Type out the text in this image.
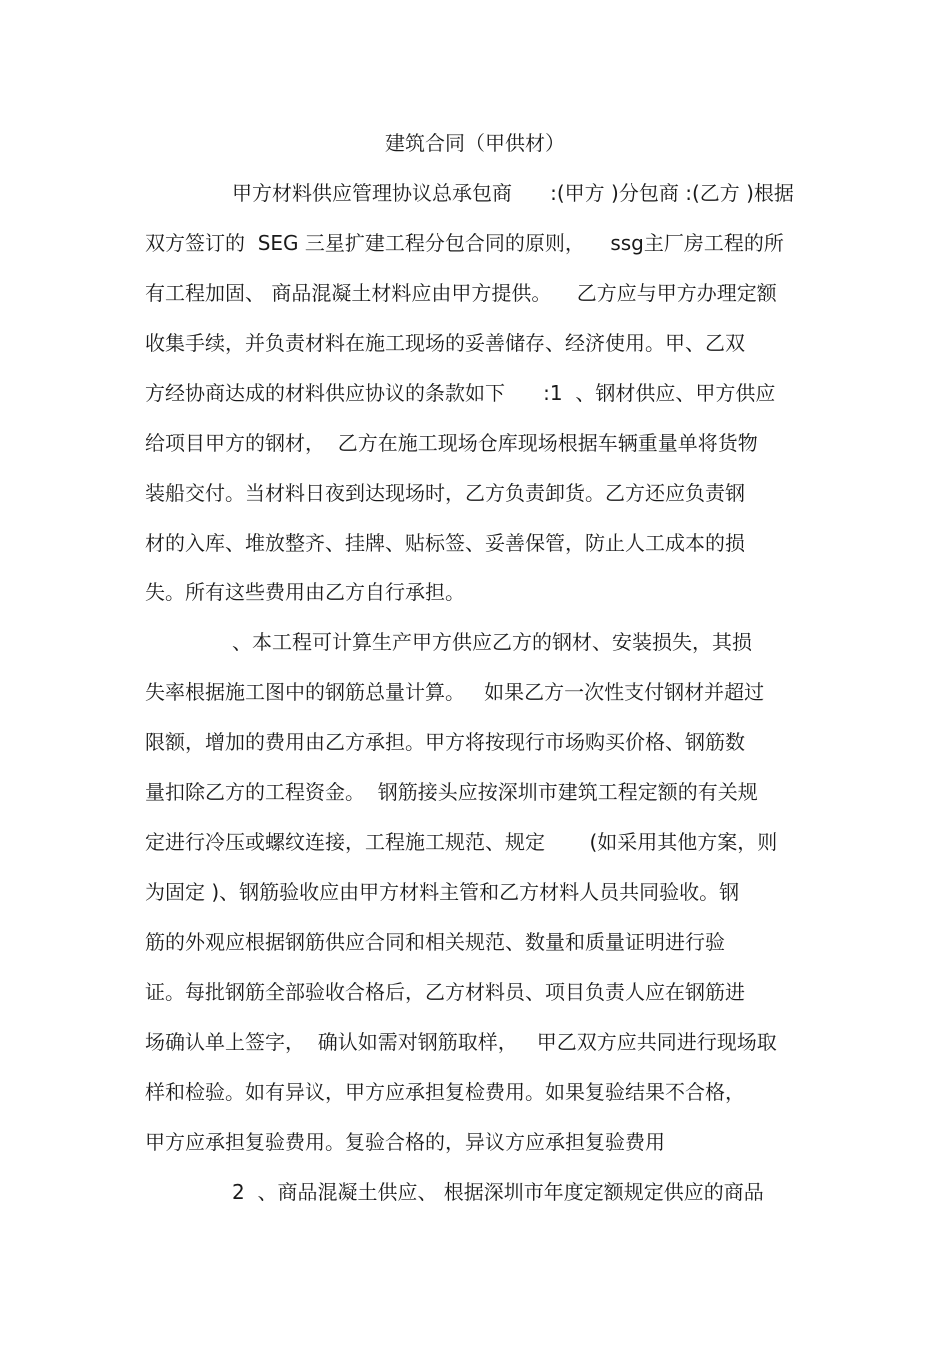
建筑合同（甲供材）
甲方材料供应管理协议总承包商      :(甲方 )分包商 :(乙方 )根据
双方签订的  SEG 三星扩建工程分包合同的原则，    ssg主厂房工程的所
有工程加固、 商品混凝土材料应由甲方提供。    乙方应与甲方办理定额
收集手续，并负责材料在施工现场的妥善储存、经济使用。甲、乙双
方经协商达成的材料供应协议的条款如下      :1  、钢材供应、甲方供应
给项目甲方的钢材，  乙方在施工现场仓库现场根据车辆重量单将货物
装船交付。当材料日夜到达现场时，乙方负责卸货。乙方还应负责钢
材的入库、堆放整齐、挂牌、贴标签、妥善保管，防止人工成本的损
失。所有这些费用由乙方自行承担。
、本工程可计算生产甲方供应乙方的钢材、安装损失，其损
失率根据施工图中的钢筋总量计算。   如果乙方一次性支付钢材并超过
限额，增加的费用由乙方承担。甲方将按现行市场购买价格、钢筋数
量扣除乙方的工程资金。  钢筋接头应按深圳市建筑工程定额的有关规
定进行冷压或螺纹连接，工程施工规范、规定       (如采用其他方案，则
为固定 )、钢筋验收应由甲方材料主管和乙方材料人员共同验收。钢
筋的外观应根据钢筋供应合同和相关规范、数量和质量证明进行验
证。每批钢筋全部验收合格后，乙方材料员、项目负责人应在钢筋进
场确认单上签字，  确认如需对钢筋取样，   甲乙双方应共同进行现场取
样和检验。如有异议，甲方应承担复检费用。如果复验结果不合格，
甲方应承担复验费用。复验合格的，异议方应承担复验费用
2  、商品混凝土供应、 根据深圳市年度定额规定供应的商品
